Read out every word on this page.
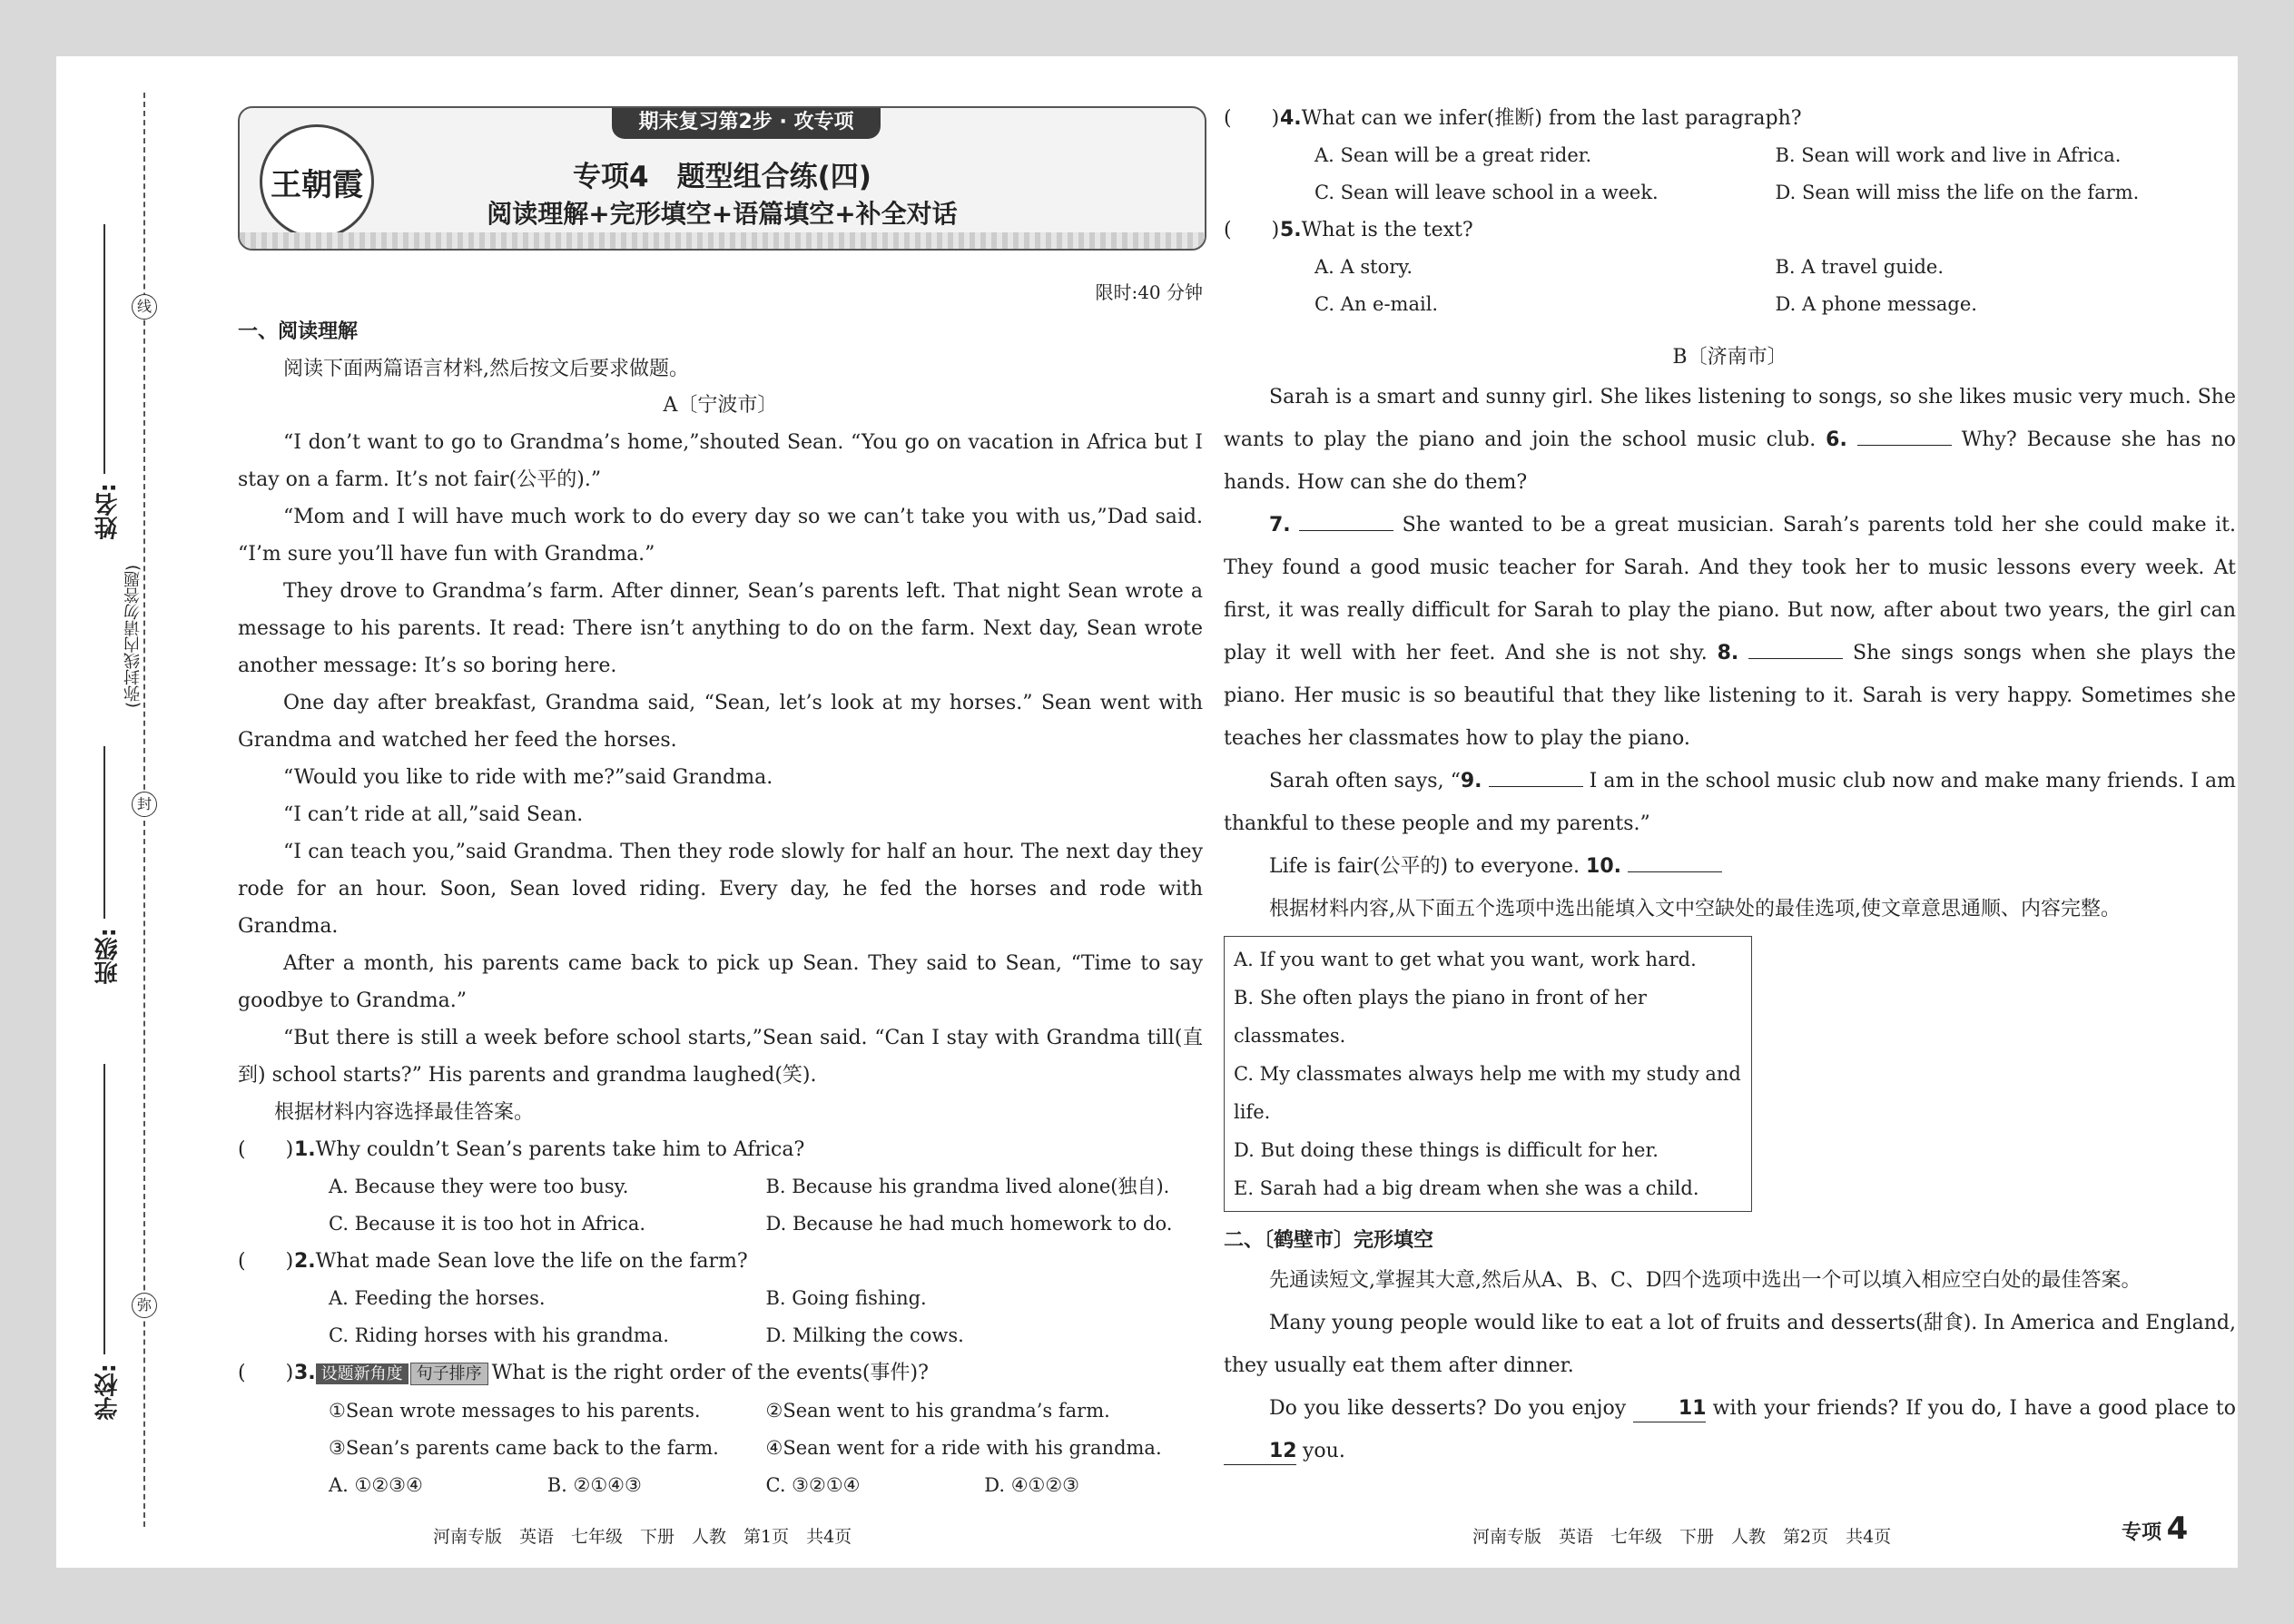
线
封
弥
姓名:
班级:
学校:
(弥封线内请勿答题)
王朝霞
期末复习第2步 · 攻专项
专项4　题型组合练(四)
阅读理解+完形填空+语篇填空+补全对话
限时:40 分钟
一、阅读理解

阅读下面两篇语言材料,然后按文后要求做题。

A〔宁波市〕

“I don’t want to go to Grandma’s home,”shouted Sean. “You go on vacation in Africa but I stay on a farm. It’s not fair(公平的).”

“Mom and I will have much work to do every day so we can’t take you with us,”Dad said. “I’m sure you’ll have fun with Grandma.”

They drove to Grandma’s farm. After dinner, Sean’s parents left. That night Sean wrote a message to his parents. It read: There isn’t anything to do on the farm. Next day, Sean wrote another message: It’s so boring here.

One day after breakfast, Grandma said, “Sean, let’s look at my horses.” Sean went with Grandma and watched her feed the horses.

“Would you like to ride with me?”said Grandma.

“I can’t ride at all,”said Sean.

“I can teach you,”said Grandma. Then they rode slowly for half an hour. The next day they rode for an hour. Soon, Sean loved riding. Every day, he fed the horses and rode with Grandma.

After a month, his parents came back to pick up Sean. They said to Sean, “Time to say goodbye to Grandma.”

“But there is still a week before school starts,”Sean said. “Can I stay with Grandma till(直到) school starts?” His parents and grandma laughed(笑).

根据材料内容选择最佳答案。

(　　) 1.Why couldn’t Sean’s parents take him to Africa?
A. Because they were too busy.	B. Because his grandma lived alone(独自).
C. Because it is too hot in Africa.	D. Because he had much homework to do.
(　　) 2.What made Sean love the life on the farm?
A. Feeding the horses.	B. Going fishing.
C. Riding horses with his grandma.	D. Milking the cows.
(　　) 3. 设题新角度 句子排序 What is the right order of the events(事件)?
①Sean wrote messages to his parents.	②Sean went to his grandma’s farm.
③Sean’s parents came back to the farm.	④Sean went for a ride with his grandma.
A. ①②③④	B. ②①④③	C. ③②①④	D. ④①②③
(　　) 4.What can we infer(推断) from the last paragraph?
A. Sean will be a great rider.	B. Sean will work and live in Africa.
C. Sean will leave school in a week.	D. Sean will miss the life on the farm.
(　　) 5.What is the text?
A. A story.	B. A travel guide.
C. An e-mail.	D. A phone message.
B〔济南市〕

Sarah is a smart and sunny girl. She likes listening to songs, so she likes music very much. She wants to play the piano and join the school music club. 6.	Why? Because she has no hands. How can she do them?

7.	She wanted to be a great musician. Sarah’s parents told her she could make it. They found a good music teacher for Sarah. And they took her to music lessons every week. At first, it was really difficult for Sarah to play the piano. But now, after about two years, the girl can play it well with her feet. And she is not shy. 8.	She sings songs when she plays the piano. Her music is so beautiful that they like listening to it. Sarah is very happy. Sometimes she teaches her classmates how to play the piano.

Sarah often says, “9.	I am in the school music club now and make many friends. I am thankful to these people and my parents.”

Life is fair(公平的) to everyone. 10.

根据材料内容,从下面五个选项中选出能填入文中空缺处的最佳选项,使文章意思通顺、内容完整。

A. If you want to get what you want, work hard.
B. She often plays the piano in front of her classmates.
C. My classmates always help me with my study and life.
D. But doing these things is difficult for her.
E. Sarah had a big dream when she was a child.
二、〔鹤壁市〕完形填空

先通读短文,掌握其大意,然后从A、B、C、D四个选项中选出一个可以填入相应空白处的最佳答案。

Many young people would like to eat a lot of fruits and desserts(甜食). In America and England, they usually eat them after dinner.

Do you like desserts? Do you enjoy	11 with your friends? If you do, I have a good place to 12 you.

河南专版　英语　七年级　下册　人教　第1页　共4页	河南专版　英语　七年级　下册　人教　第2页　共4页	专项 4
